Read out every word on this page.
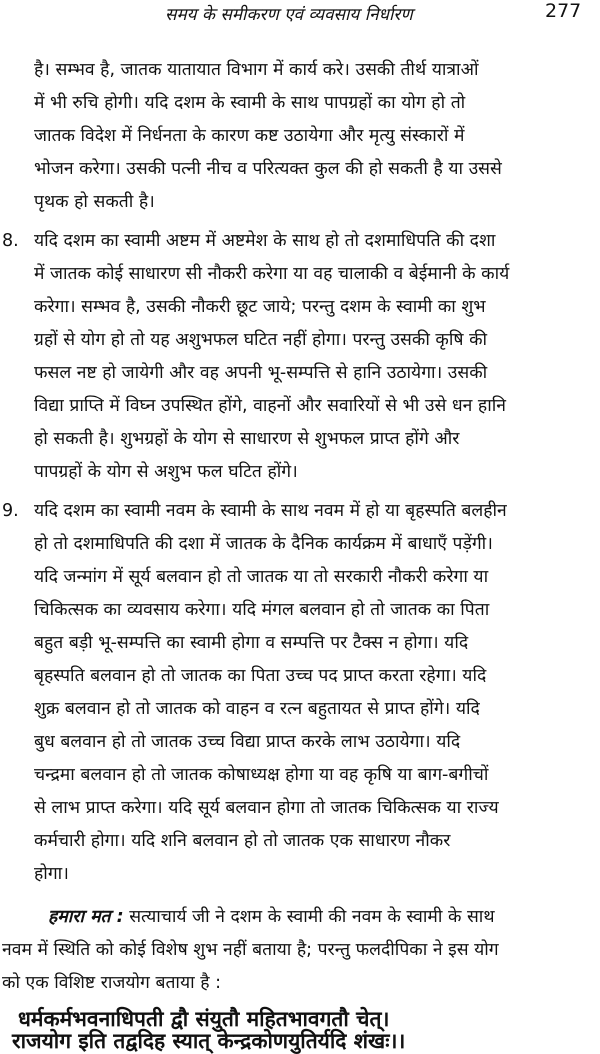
समय के समीकरण एवं व्यवसाय निर्धारण	277
है। सम्भव है, जातक यातायात विभाग में कार्य करे। उसकी तीर्थ यात्राओं
में भी रुचि होगी। यदि दशम के स्वामी के साथ पापग्रहों का योग हो तो
जातक विदेश में निर्धनता के कारण कष्ट उठायेगा और मृत्यु संस्कारों में
भोजन करेगा। उसकी पत्नी नीच व परित्यक्त कुल की हो सकती है या उससे
पृथक हो सकती है।
8. यदि दशम का स्वामी अष्टम में अष्टमेश के साथ हो तो दशमाधिपति की दशा
में जातक कोई साधारण सी नौकरी करेगा या वह चालाकी व बेईमानी के कार्य
करेगा। सम्भव है, उसकी नौकरी छूट जाये; परन्तु दशम के स्वामी का शुभ
ग्रहों से योग हो तो यह अशुभफल घटित नहीं होगा। परन्तु उसकी कृषि की
फसल नष्ट हो जायेगी और वह अपनी भू-सम्पत्ति से हानि उठायेगा। उसकी
विद्या प्राप्ति में विघ्न उपस्थित होंगे, वाहनों और सवारियों से भी उसे धन हानि
हो सकती है। शुभग्रहों के योग से साधारण से शुभफल प्राप्त होंगे और
पापग्रहों के योग से अशुभ फल घटित होंगे।
9. यदि दशम का स्वामी नवम के स्वामी के साथ नवम में हो या बृहस्पति बलहीन
हो तो दशमाधिपति की दशा में जातक के दैनिक कार्यक्रम में बाधाएँ पड़ेंगी।
यदि जन्मांग में सूर्य बलवान हो तो जातक या तो सरकारी नौकरी करेगा या
चिकित्सक का व्यवसाय करेगा। यदि मंगल बलवान हो तो जातक का पिता
बहुत बड़ी भू-सम्पत्ति का स्वामी होगा व सम्पत्ति पर टैक्स न होगा। यदि
बृहस्पति बलवान हो तो जातक का पिता उच्च पद प्राप्त करता रहेगा। यदि
शुक्र बलवान हो तो जातक को वाहन व रत्न बहुतायत से प्राप्त होंगे। यदि
बुध बलवान हो तो जातक उच्च विद्या प्राप्त करके लाभ उठायेगा। यदि
चन्द्रमा बलवान हो तो जातक कोषाध्यक्ष होगा या वह कृषि या बाग-बगीचों
से लाभ प्राप्त करेगा। यदि सूर्य बलवान होगा तो जातक चिकित्सक या राज्य
कर्मचारी होगा। यदि शनि बलवान हो तो जातक एक साधारण नौकर
होगा।
हमारा मत : सत्याचार्य जी ने दशम के स्वामी की नवम के स्वामी के साथ
नवम में स्थिति को कोई विशेष शुभ नहीं बताया है; परन्तु फलदीपिका ने इस योग
को एक विशिष्ट राजयोग बताया है :
धर्मकर्मभवनाधिपती द्वौ संयुतौ महितभावगतौ चेत्।
राजयोग इति तद्वदिह स्यात् केन्द्रकोणयुतिर्यदि शंखः।।
